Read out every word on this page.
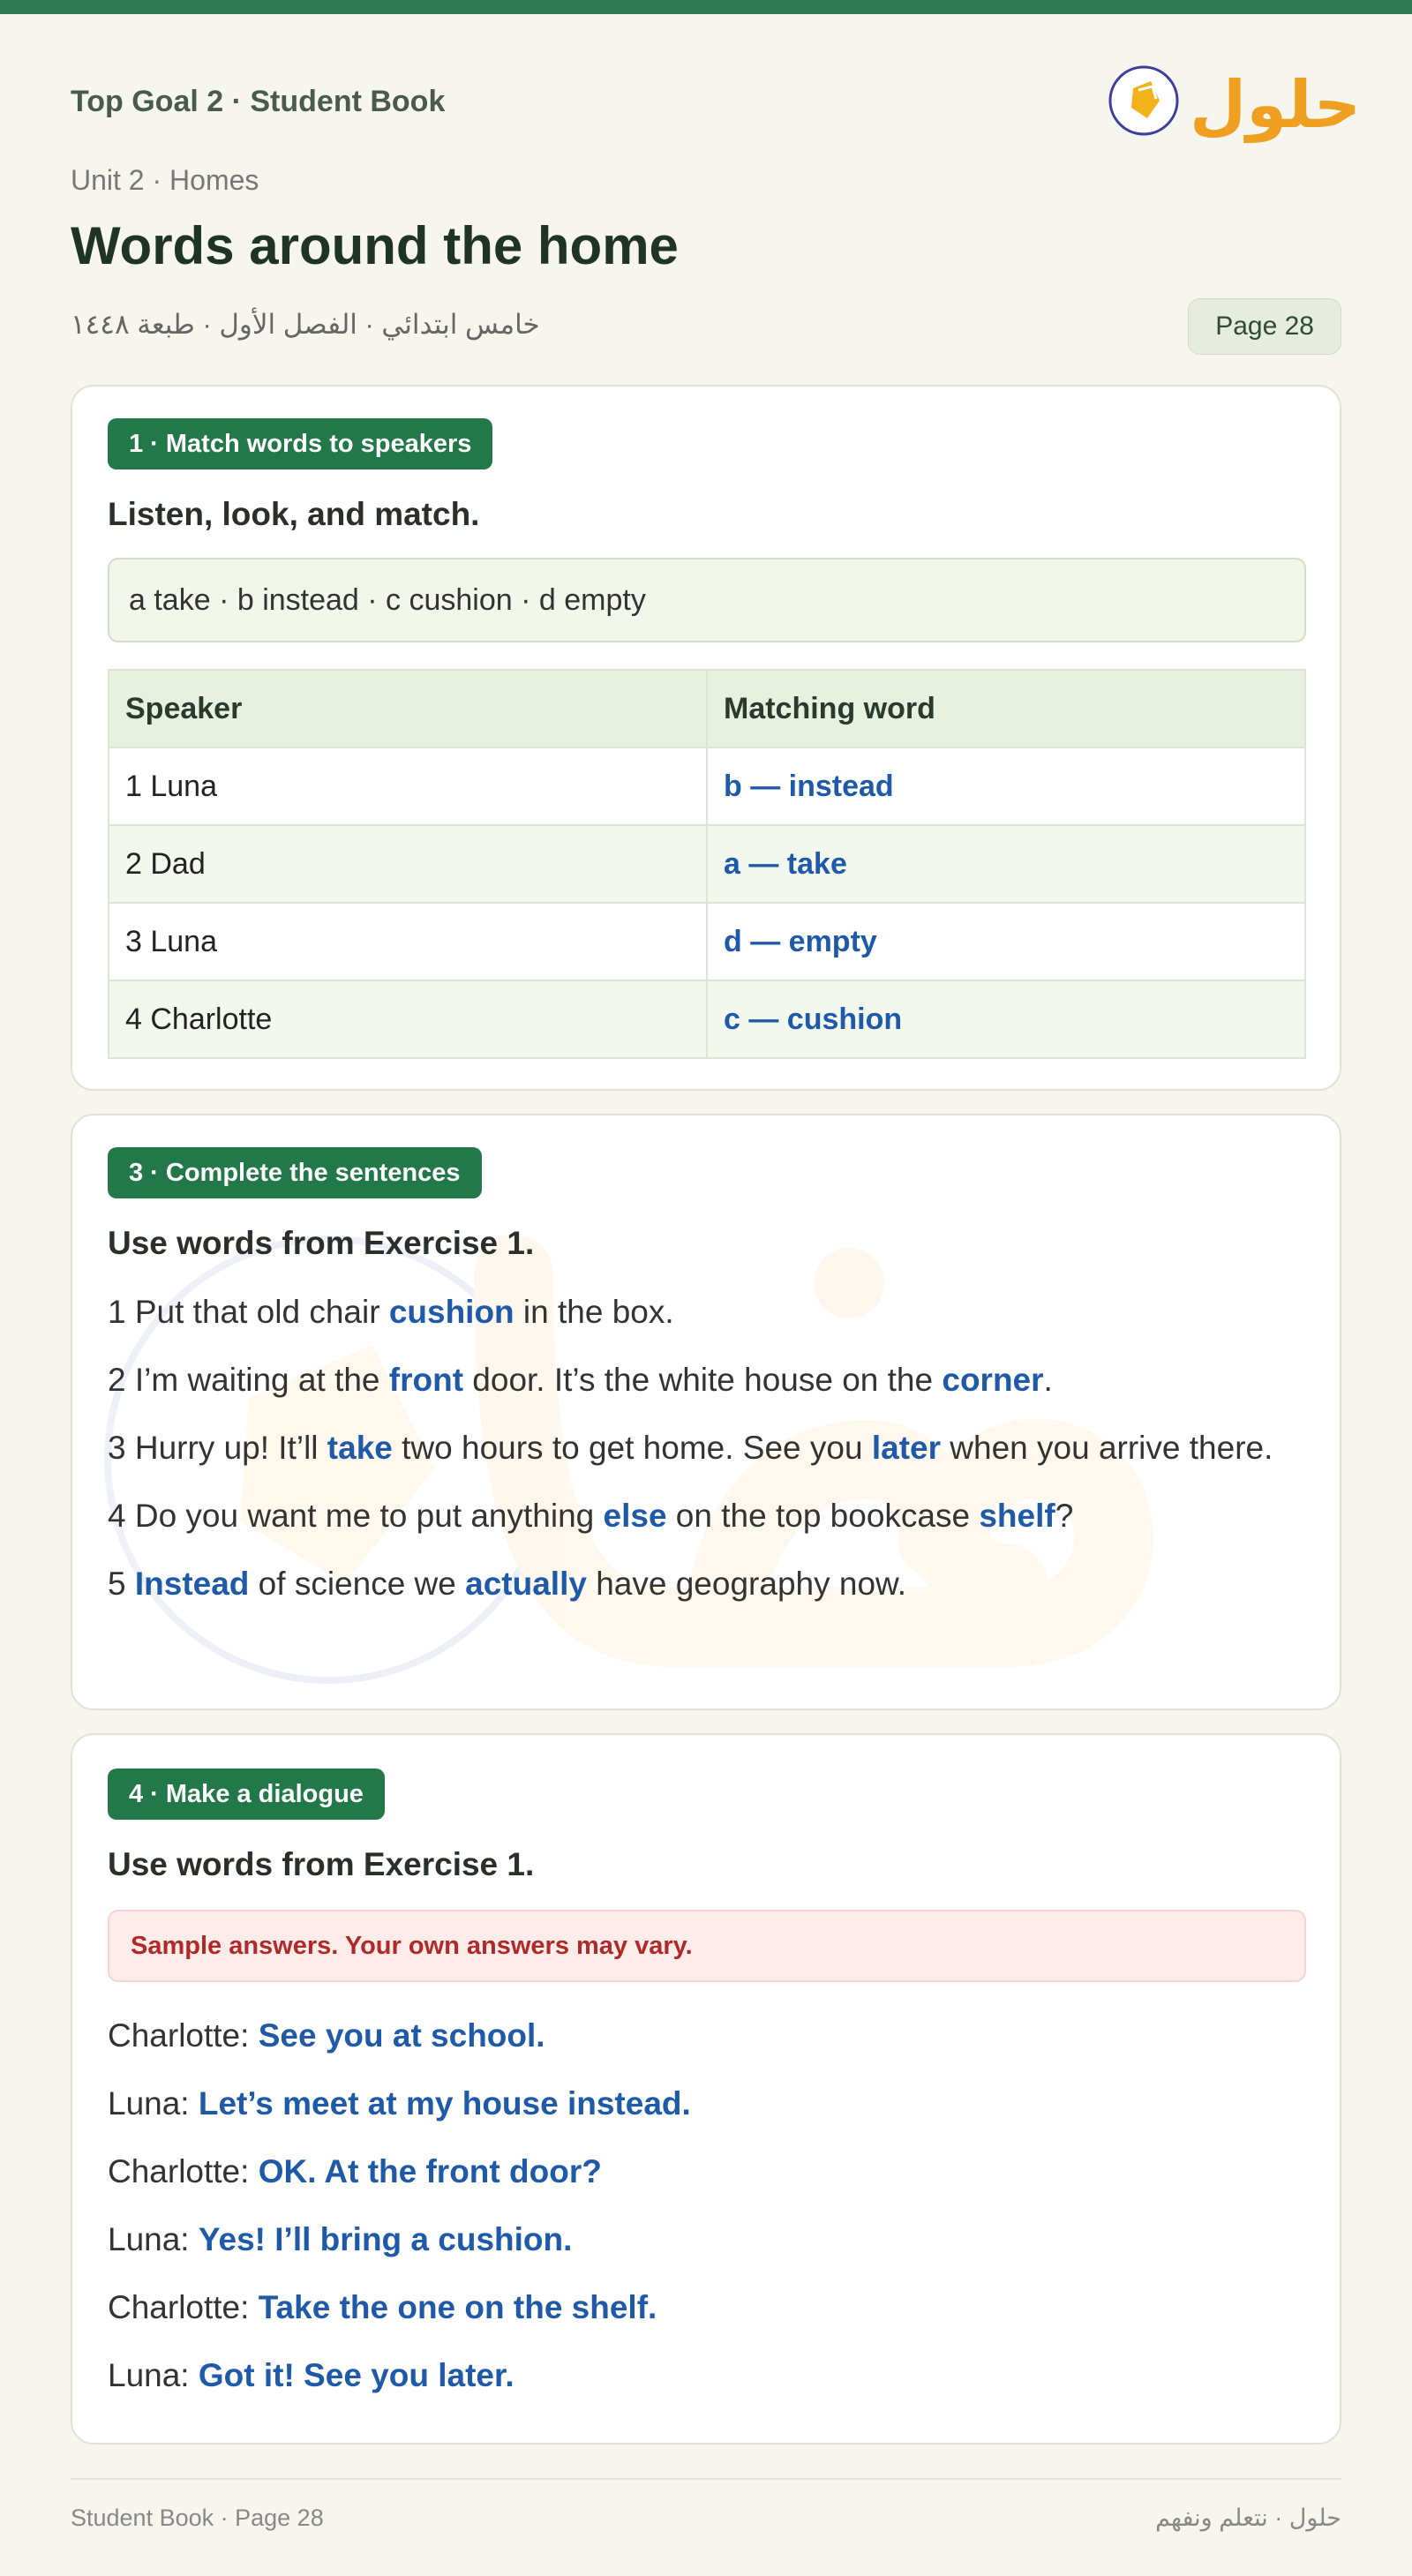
Top Goal 2 · Student Book	حلول
Unit 2 · Homes
Words around the home
خامس ابتدائي · الفصل الأول · طبعة ١٤٤٨	Page 28
1 · Match words to speakers
Listen, look, and match.
a take · b instead · c cushion · d empty
Speaker	Matching word
1 Luna	b — instead
2 Dad	a — take
3 Luna	d — empty
4 Charlotte	c — cushion
3 · Complete the sentences
Use words from Exercise 1.
1 Put that old chair cushion in the box.
2 I’m waiting at the front door. It’s the white house on the corner.
3 Hurry up! It’ll take two hours to get home. See you later when you arrive there.
4 Do you want me to put anything else on the top bookcase shelf?
5 Instead of science we actually have geography now.
4 · Make a dialogue
Use words from Exercise 1.
Sample answers. Your own answers may vary.
Charlotte: See you at school.
Luna: Let’s meet at my house instead.
Charlotte: OK. At the front door?
Luna: Yes! I’ll bring a cushion.
Charlotte: Take the one on the shelf.
Luna: Got it! See you later.
Student Book · Page 28	حلول · نتعلم ونفهم
